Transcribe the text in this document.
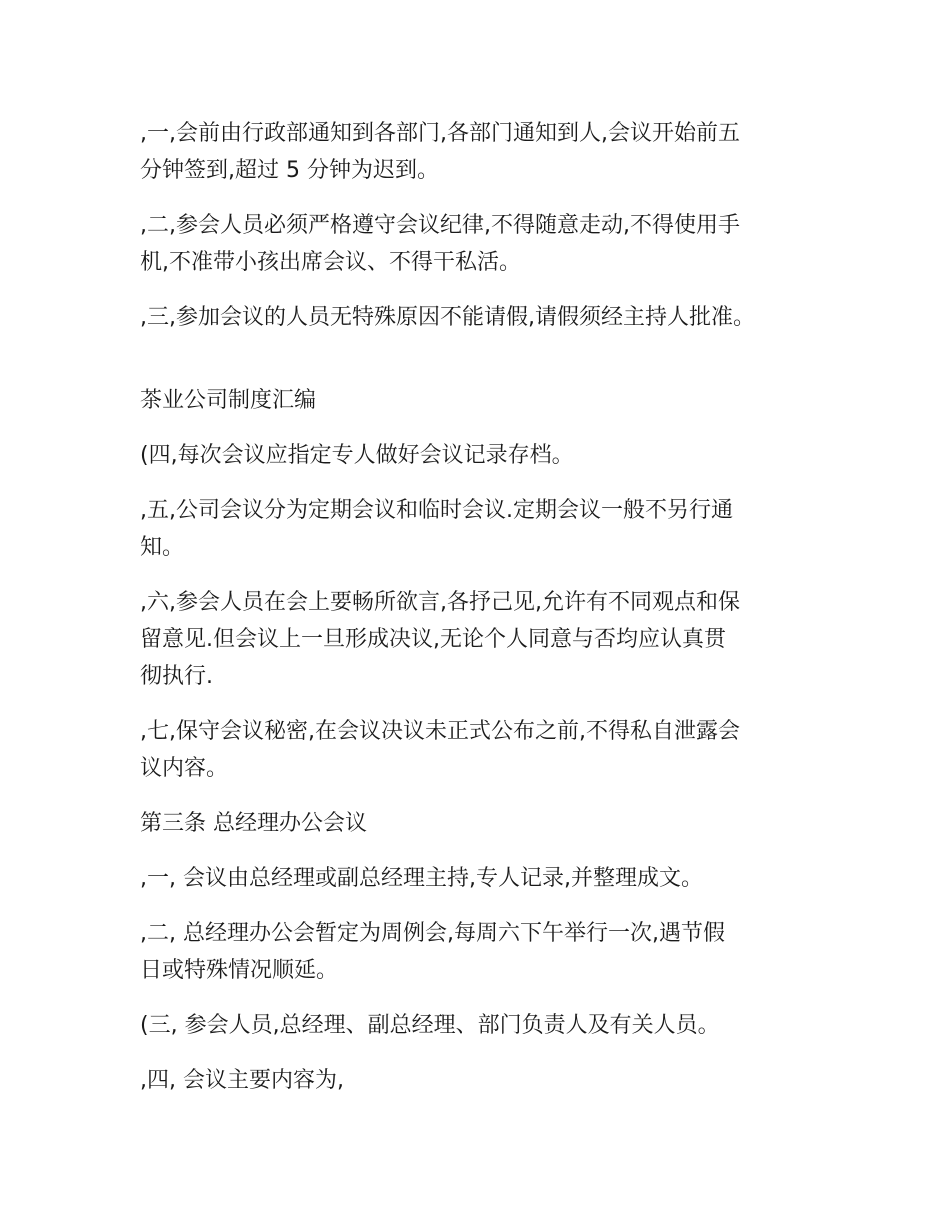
,一,会前由行政部通知到各部门,各部门通知到人,会议开始前五
分钟签到,超过 5 分钟为迟到。

,二,参会人员必须严格遵守会议纪律,不得随意走动,不得使用手
机,不准带小孩出席会议、不得干私活。

,三,参加会议的人员无特殊原因不能请假,请假须经主持人批准。

茶业公司制度汇编

(四,每次会议应指定专人做好会议记录存档。

,五,公司会议分为定期会议和临时会议.定期会议一般不另行通
知。

,六,参会人员在会上要畅所欲言,各抒己见,允许有不同观点和保
留意见.但会议上一旦形成决议,无论个人同意与否均应认真贯
彻执行.

,七,保守会议秘密,在会议决议未正式公布之前,不得私自泄露会
议内容。

第三条 总经理办公会议

,一, 会议由总经理或副总经理主持,专人记录,并整理成文。

,二, 总经理办公会暂定为周例会,每周六下午举行一次,遇节假
日或特殊情况顺延。

(三, 参会人员,总经理、副总经理、部门负责人及有关人员。

,四, 会议主要内容为,
